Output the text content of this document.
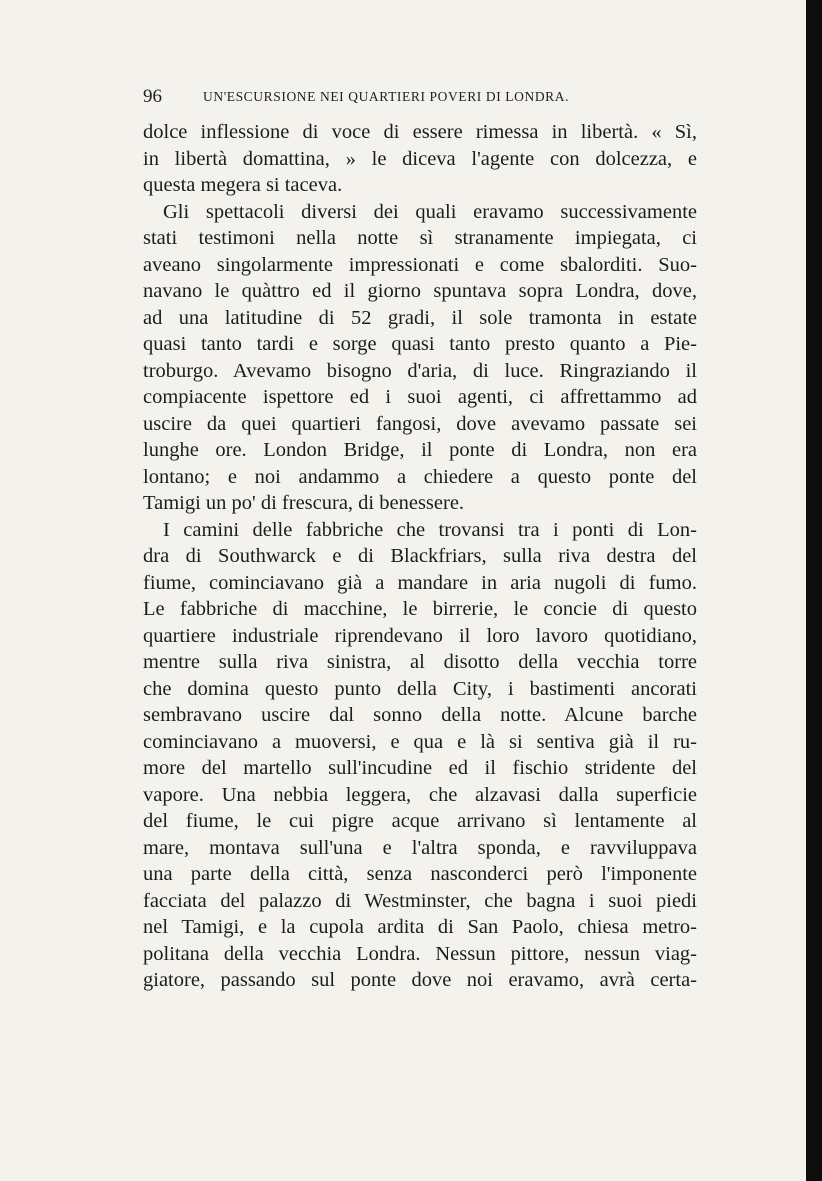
96	UN'ESCURSIONE NEI QUARTIERI POVERI DI LONDRA.
dolce inflessione di voce di essere rimessa in libertà. « Sì,
in libertà domattina, » le diceva l'agente con dolcezza, e
questa megera si taceva.
Gli spettacoli diversi dei quali eravamo successivamente
stati testimoni nella notte sì stranamente impiegata, ci
aveano singolarmente impressionati e come sbalorditi. Suo-
navano le quàttro ed il giorno spuntava sopra Londra, dove,
ad una latitudine di 52 gradi, il sole tramonta in estate
quasi tanto tardi e sorge quasi tanto presto quanto a Pie-
troburgo. Avevamo bisogno d'aria, di luce. Ringraziando il
compiacente ispettore ed i suoi agenti, ci affrettammo ad
uscire da quei quartieri fangosi, dove avevamo passate sei
lunghe ore. London Bridge, il ponte di Londra, non era
lontano; e noi andammo a chiedere a questo ponte del
Tamigi un po' di frescura, di benessere.
I camini delle fabbriche che trovansi tra i ponti di Lon-
dra di Southwarck e di Blackfriars, sulla riva destra del
fiume, cominciavano già a mandare in aria nugoli di fumo.
Le fabbriche di macchine, le birrerie, le concie di questo
quartiere industriale riprendevano il loro lavoro quotidiano,
mentre sulla riva sinistra, al disotto della vecchia torre
che domina questo punto della City, i bastimenti ancorati
sembravano uscire dal sonno della notte. Alcune barche
cominciavano a muoversi, e qua e là si sentiva già il ru-
more del martello sull'incudine ed il fischio stridente del
vapore. Una nebbia leggera, che alzavasi dalla superficie
del fiume, le cui pigre acque arrivano sì lentamente al
mare, montava sull'una e l'altra sponda, e ravviluppava
una parte della città, senza nasconderci però l'imponente
facciata del palazzo di Westminster, che bagna i suoi piedi
nel Tamigi, e la cupola ardita di San Paolo, chiesa metro-
politana della vecchia Londra. Nessun pittore, nessun viag-
giatore, passando sul ponte dove noi eravamo, avrà certa-
